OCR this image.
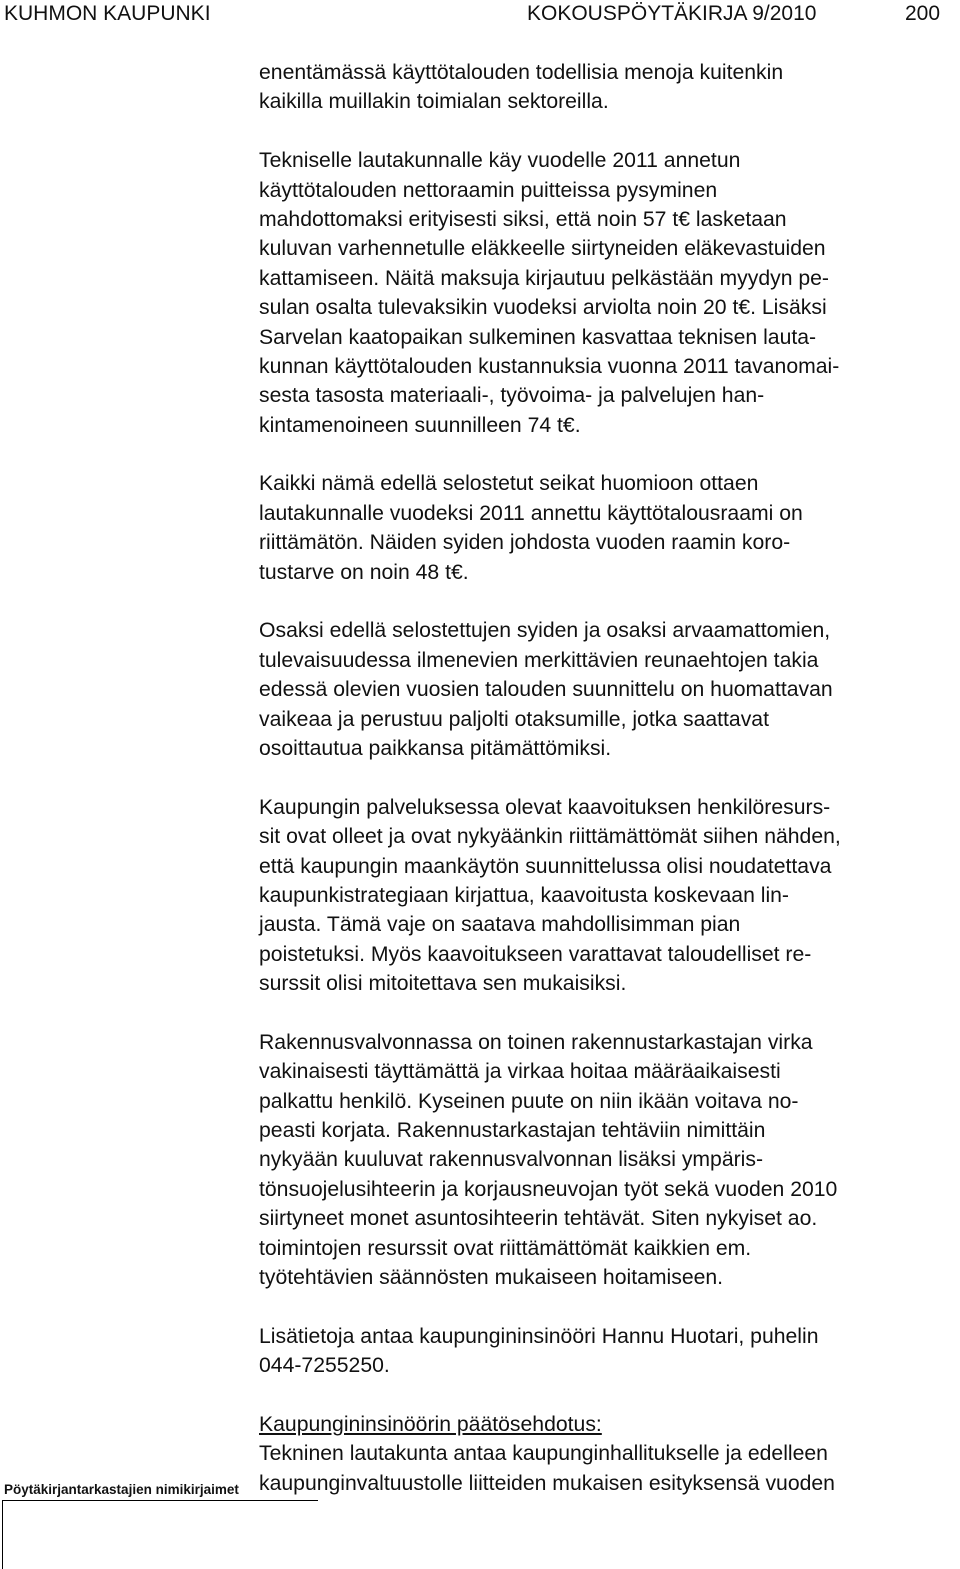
KUHMON KAUPUNKI	KOKOUSPÖYTÄKIRJA 9/2010	200
enentämässä käyttötalouden todellisia menoja kuitenkin
kaikilla muillakin toimialan sektoreilla.
Tekniselle lautakunnalle käy vuodelle 2011 annetun
käyttötalouden nettoraamin puitteissa pysyminen
mahdottomaksi erityisesti siksi, että noin 57 t€ lasketaan
kuluvan varhennetulle eläkkeelle siirtyneiden eläkevastuiden
kattamiseen. Näitä maksuja kirjautuu pelkästään myydyn pe-
sulan osalta tulevaksikin vuodeksi arviolta noin 20 t€. Lisäksi
Sarvelan kaatopaikan sulkeminen kasvattaa teknisen lauta-
kunnan käyttötalouden kustannuksia vuonna 2011 tavanomai-
sesta tasosta materiaali-, työvoima- ja palvelujen han-
kintamenoineen suunnilleen 74 t€.
Kaikki nämä edellä selostetut seikat huomioon ottaen
lautakunnalle vuodeksi 2011 annettu käyttötalousraami on
riittämätön. Näiden syiden johdosta vuoden raamin koro-
tustarve on noin 48 t€.
Osaksi edellä selostettujen syiden ja osaksi arvaamattomien,
tulevaisuudessa ilmenevien merkittävien reunaehtojen takia
edessä olevien vuosien talouden suunnittelu on huomattavan
vaikeaa ja perustuu paljolti otaksumille, jotka saattavat
osoittautua paikkansa pitämättömiksi.
Kaupungin palveluksessa olevat kaavoituksen henkilöresurs-
sit ovat olleet ja ovat nykyäänkin riittämättömät siihen nähden,
että kaupungin maankäytön suunnittelussa olisi noudatettava
kaupunkistrategiaan kirjattua, kaavoitusta koskevaan lin-
jausta. Tämä vaje on saatava mahdollisimman pian
poistetuksi. Myös kaavoitukseen varattavat taloudelliset re-
surssit olisi mitoitettava sen mukaisiksi.
Rakennusvalvonnassa on toinen rakennustarkastajan virka
vakinaisesti täyttämättä ja virkaa hoitaa määräaikaisesti
palkattu henkilö. Kyseinen puute on niin ikään voitava no-
peasti korjata. Rakennustarkastajan tehtäviin nimittäin
nykyään kuuluvat rakennusvalvonnan lisäksi ympäris-
tönsuojelusihteerin ja korjausneuvojan työt sekä vuoden 2010
siirtyneet monet asuntosihteerin tehtävät. Siten nykyiset ao.
toimintojen resurssit ovat riittämättömät kaikkien em.
työtehtävien säännösten mukaiseen hoitamiseen.
Lisätietoja antaa kaupungininsinööri Hannu Huotari, puhelin
044-7255250.
Kaupungininsinöörin päätösehdotus:
Tekninen lautakunta antaa kaupunginhallitukselle ja edelleen
kaupunginvaltuustolle liitteiden mukaisen esityksensä vuoden
Pöytäkirjantarkastajien nimikirjaimet
